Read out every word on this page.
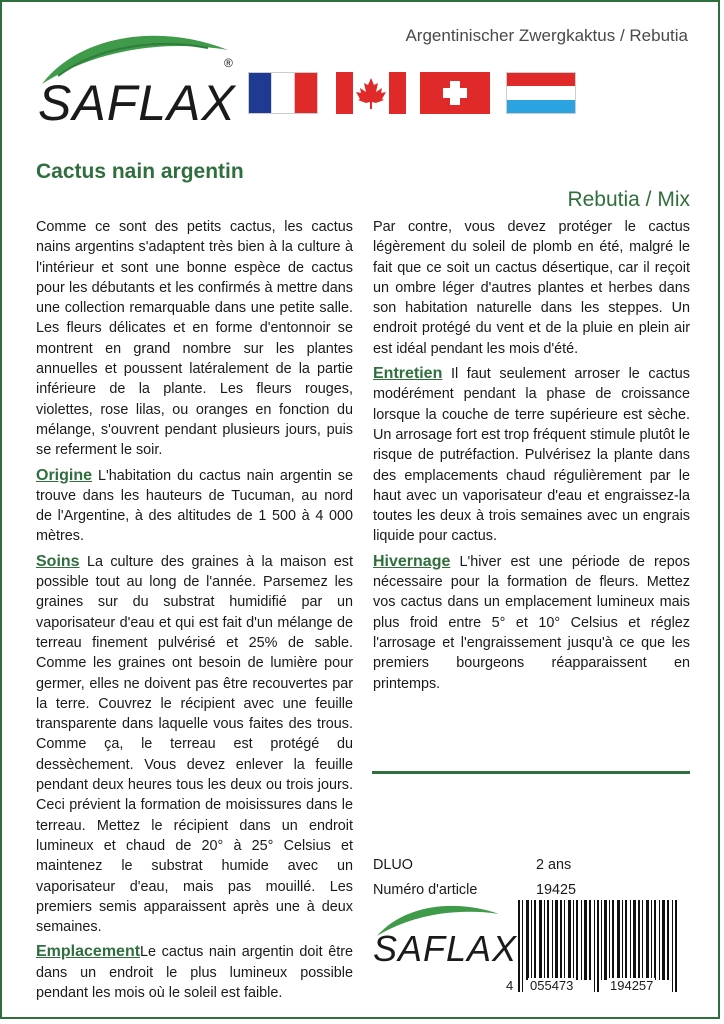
Argentinischer Zwergkaktus / Rebutia
SAFLAX
®
Cactus nain argentin
Rebutia / Mix

Comme ce sont des petits cactus, les cactus nains argentins s'adaptent très bien à la culture à l'intérieur et sont une bonne espèce de cactus pour les débutants et les confirmés à mettre dans une collection remarquable dans une petite salle. Les fleurs délicates et en forme d'entonnoir se montrent en grand nombre sur les plantes annuelles et poussent latéralement de la partie inférieure de la plante. Les fleurs rouges, violettes, rose lilas, ou oranges en fonction du mélange, s'ouvrent pendant plusieurs jours, puis se referment le soir.

Origine L'habitation du cactus nain argentin se trouve dans les hauteurs de Tucuman, au nord de l'Argentine, à des altitudes de 1 500 à 4 000 mètres.

Soins La culture des graines à la maison est possible tout au long de l'année. Parsemez les graines sur du substrat humidifié par un vaporisateur d'eau et qui est fait d'un mélange de terreau finement pulvérisé et 25% de sable. Comme les graines ont besoin de lumière pour germer, elles ne doivent pas être recouvertes par la terre. Couvrez le récipient avec une feuille transparente dans laquelle vous faites des trous. Comme ça, le terreau est protégé du dessèchement. Vous devez enlever la feuille pendant deux heures tous les deux ou trois jours. Ceci prévient la formation de moisissures dans le terreau. Mettez le récipient dans un endroit lumineux et chaud de 20° à 25° Celsius et maintenez le substrat humide avec un vaporisateur d'eau, mais pas mouillé. Les premiers semis apparaissent après une à deux semaines.

EmplacementLe cactus nain argentin doit être dans un endroit le plus lumineux possible pendant les mois où le soleil est faible.

Par contre, vous devez protéger le cactus légèrement du soleil de plomb en été, malgré le fait que ce soit un cactus désertique, car il reçoit un ombre léger d'autres plantes et herbes dans son habitation naturelle dans les steppes. Un endroit protégé du vent et de la pluie en plein air est idéal pendant les mois d'été.

Entretien Il faut seulement arroser le cactus modérément pendant la phase de croissance lorsque la couche de terre supérieure est sèche. Un arrosage fort est trop fréquent stimule plutôt le risque de putréfaction. Pulvérisez la plante dans des emplacements chaud régulièrement par le haut avec un vaporisateur d'eau et engraissez-la toutes les deux à trois semaines avec un engrais liquide pour cactus.

Hivernage L'hiver est une période de repos nécessaire pour la formation de fleurs. Mettez vos cactus dans un emplacement lumineux mais plus froid entre 5° et 10° Celsius et réglez l'arrosage et l'engraissement jusqu'à ce que les premiers bourgeons réapparaissent en printemps.

DLUO	2 ans
Numéro d'article	19425
SAFLAX
4 055473	194257
